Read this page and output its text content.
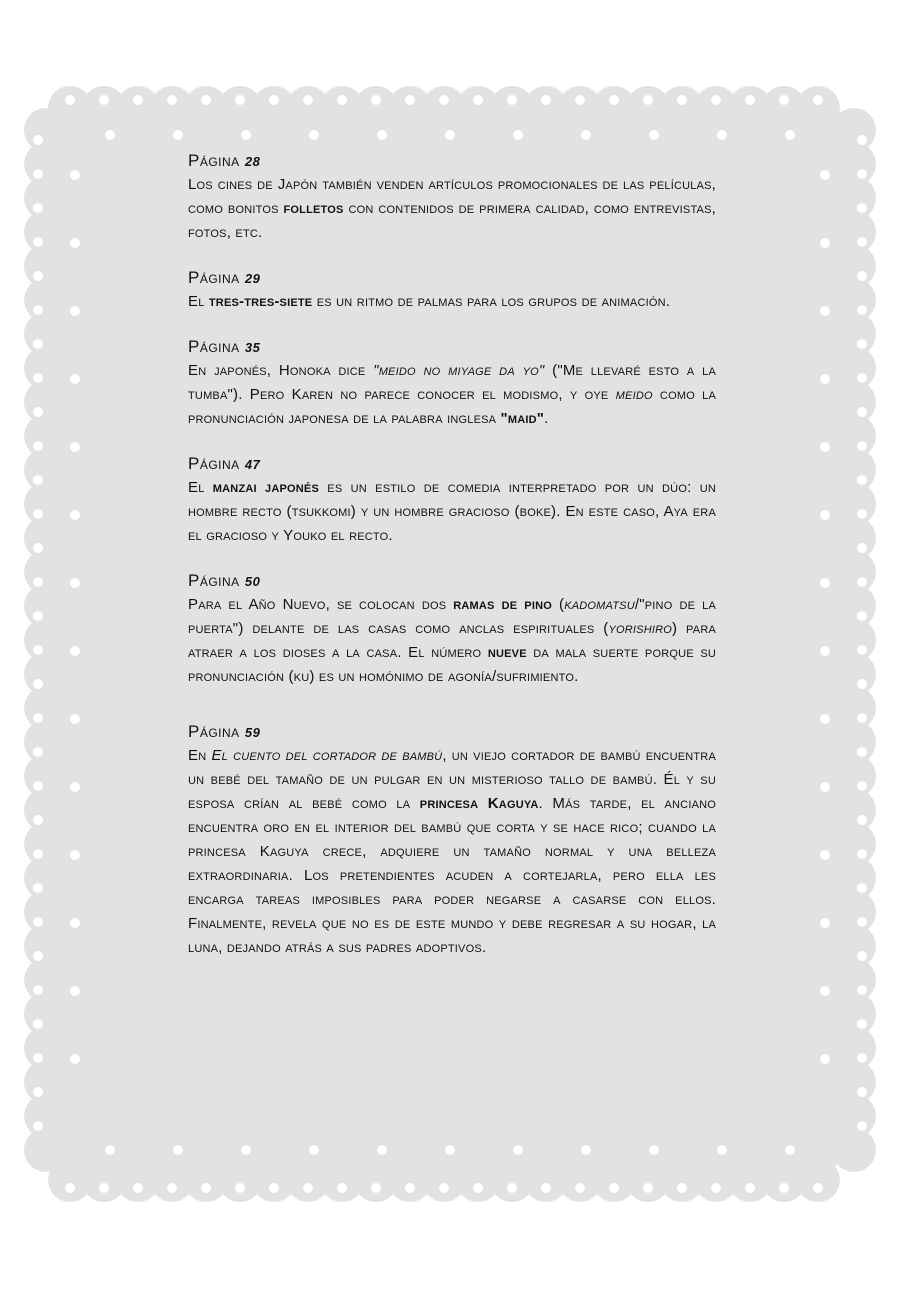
Página 28

Los cines de Japón también venden artículos promocionales de las películas, como bonitos folletos con contenidos de primera calidad, como entrevistas, fotos, etc.

Página 29

El tres-tres-siete es un ritmo de palmas para los grupos de animación.

Página 35

En japonés, Honoka dice "meido no miyage da yo" ("Me llevaré esto a la tumba"). Pero Karen no parece conocer el modismo, y oye meido como la pronunciación japonesa de la palabra inglesa "maid".

Página 47

El manzai japonés es un estilo de comedia interpretado por un dúo: un hombre recto (tsukkomi) y un hombre gracioso (boke). En este caso, Aya era el gracioso y Youko el recto.

Página 50

Para el Año Nuevo, se colocan dos ramas de pino (kadomatsu/"pino de la puerta") delante de las casas como anclas espirituales (yorishiro) para atraer a los dioses a la casa. El número nueve da mala suerte porque su pronunciación (ku) es un homónimo de agonía/sufrimiento.

Página 59

En El cuento del cortador de bambú, un viejo cortador de bambú encuentra un bebé del tamaño de un pulgar en un misterioso tallo de bambú. Él y su esposa crían al bebé como la princesa Kaguya. Más tarde, el anciano encuentra oro en el interior del bambú que corta y se hace rico; cuando la princesa Kaguya crece, adquiere un tamaño normal y una belleza extraordinaria. Los pretendientes acuden a cortejarla, pero ella les encarga tareas imposibles para poder negarse a casarse con ellos. Finalmente, revela que no es de este mundo y debe regresar a su hogar, la luna, dejando atrás a sus padres adoptivos.
